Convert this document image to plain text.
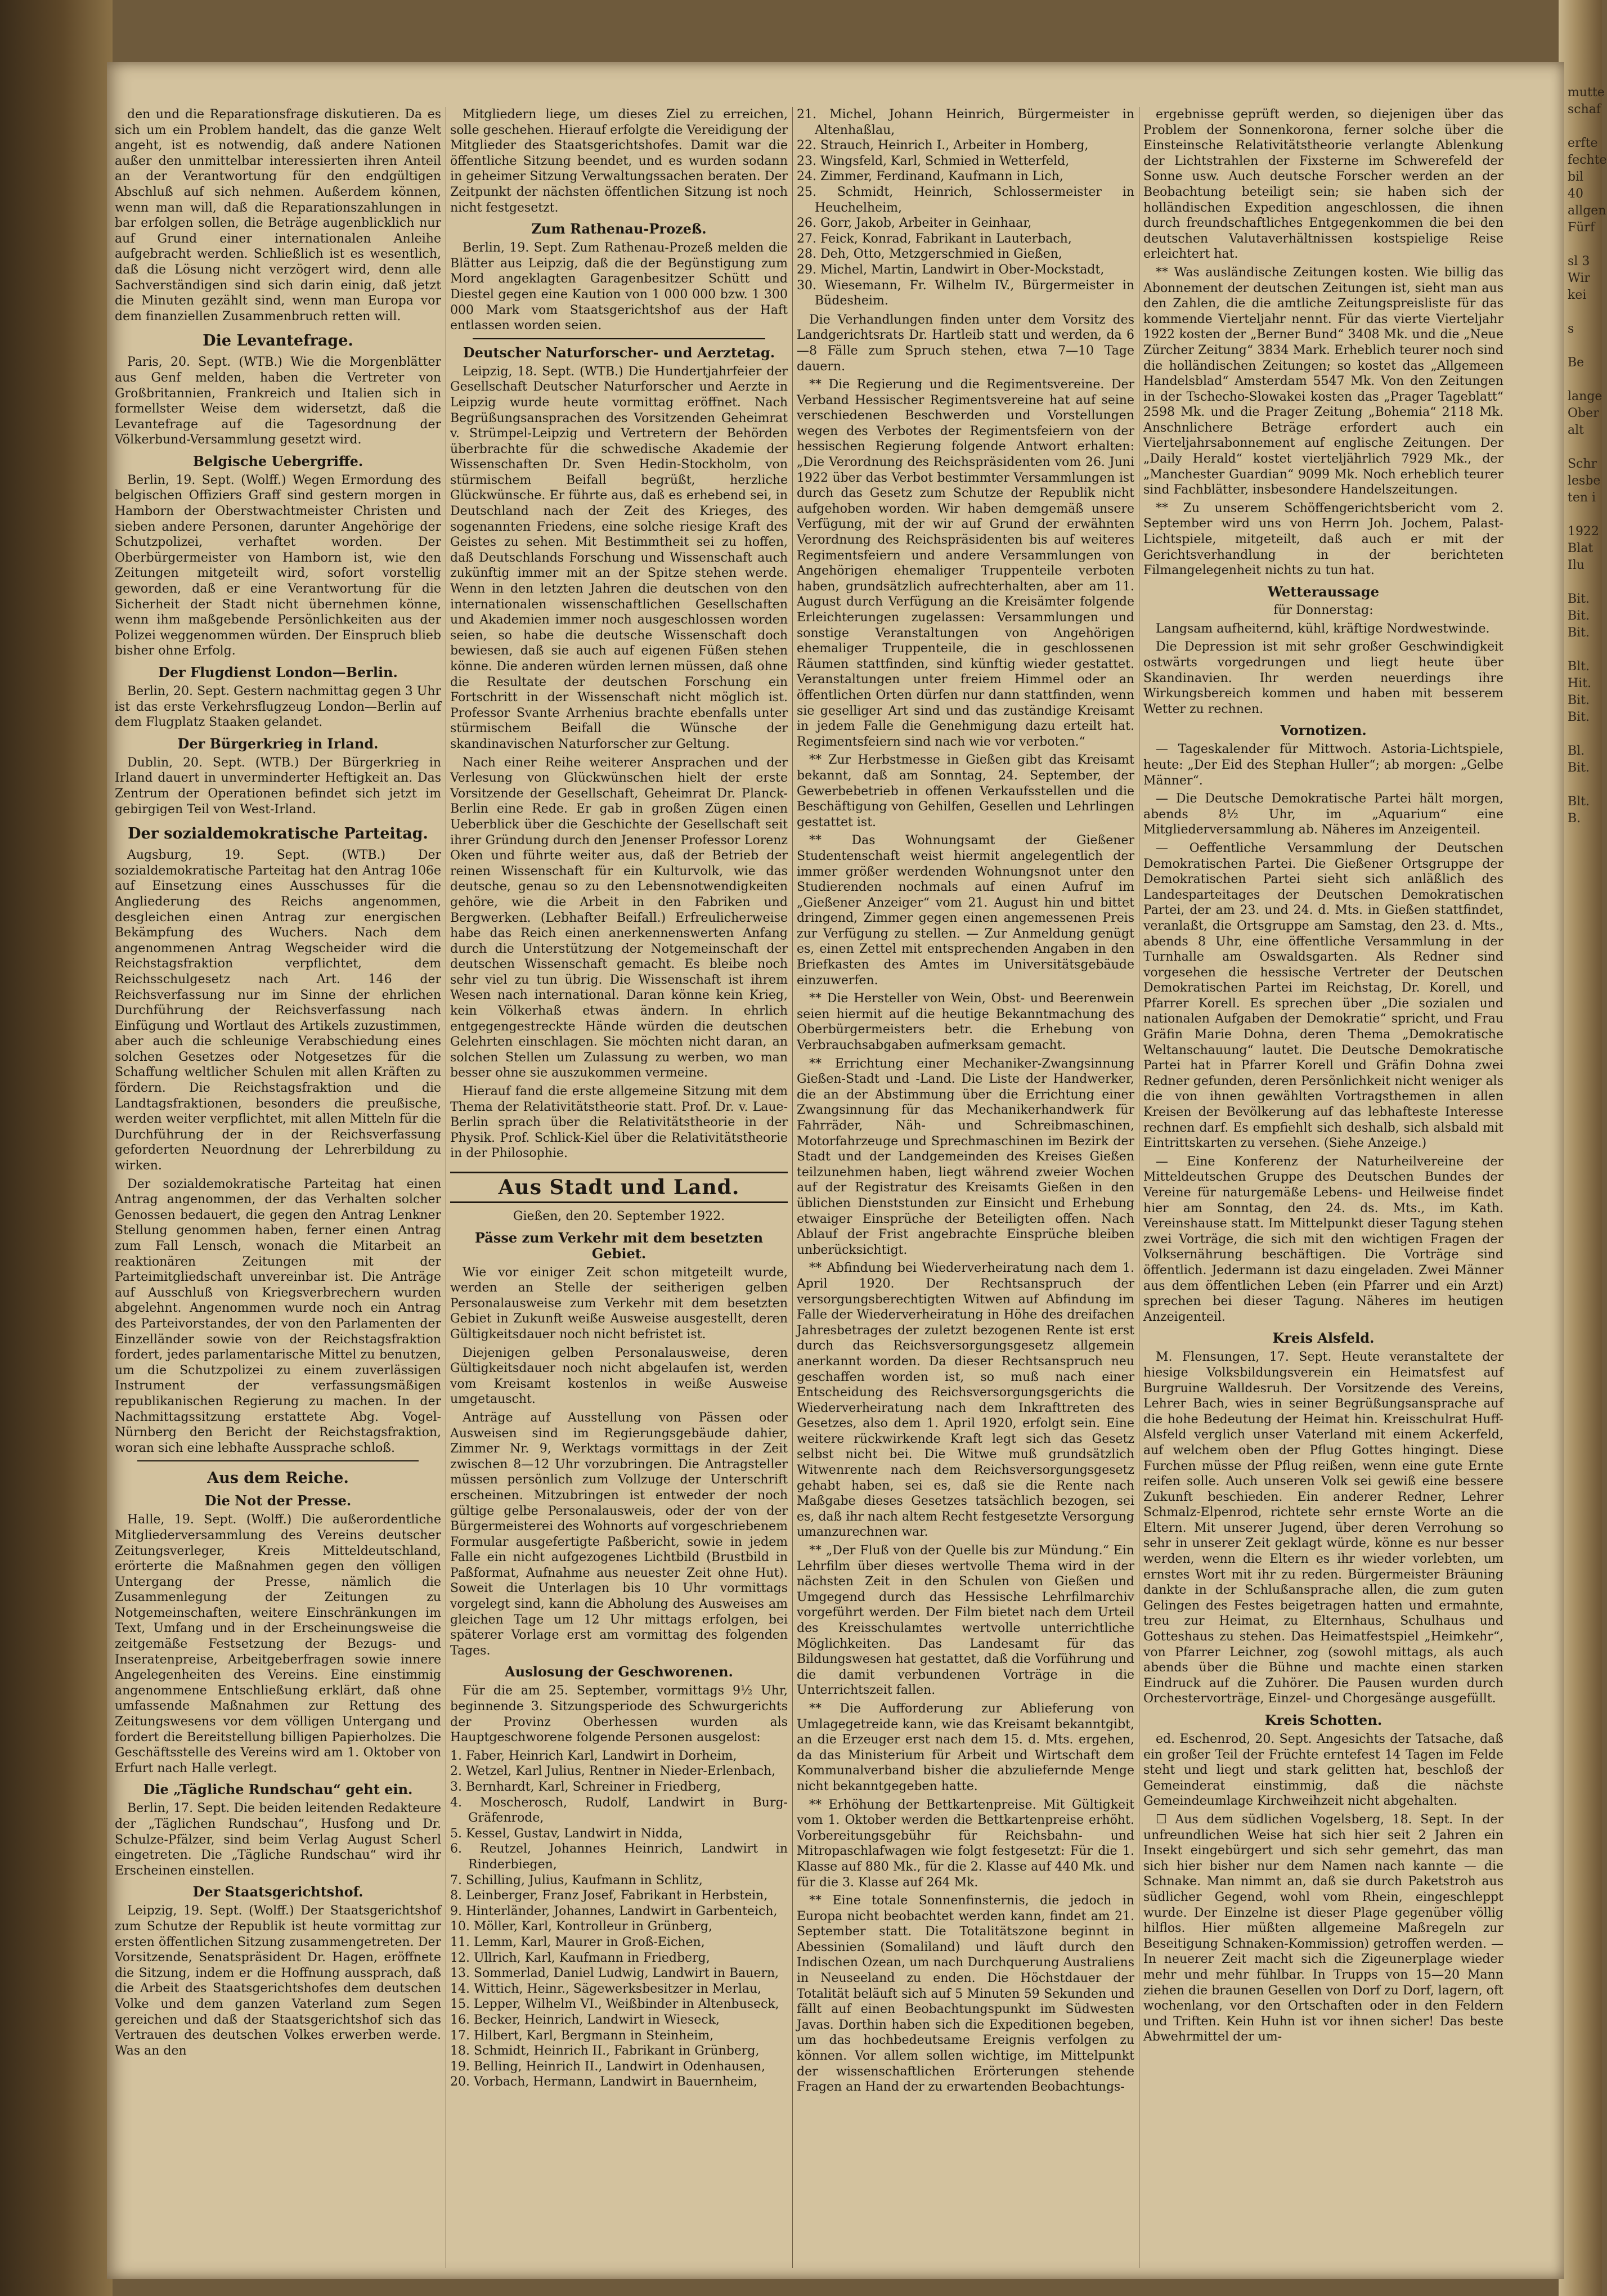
mutte
schaf

erfte
fechte
bil 40
allgen
Fürf

sl 3
Wir
kei

s

Be

lange
Ober
alt

Schr
lesbe
ten i

1922
Blat
Ilu

Bit.
Bit.
Bit.

Blt.
Hit.
Bit.
Bit.

Bl.
Bit.

Blt.
B.

den und die Reparationsfrage diskutieren. Da es sich um ein Problem handelt, das die ganze Welt angeht, ist es notwendig, daß andere Nationen außer den unmittelbar interessierten ihren Anteil an der Verantwortung für den endgültigen Abschluß auf sich nehmen. Außerdem können, wenn man will, daß die Reparationszahlungen in bar erfolgen sollen, die Beträge augenblicklich nur auf Grund einer internationalen Anleihe aufgebracht werden. Schließlich ist es wesentlich, daß die Lösung nicht verzögert wird, denn alle Sachverständigen sind sich darin einig, daß jetzt die Minuten gezählt sind, wenn man Europa vor dem finanziellen Zusammenbruch retten will.

Die Levantefrage.

Paris, 20. Sept. (WTB.) Wie die Morgenblätter aus Genf melden, haben die Vertreter von Großbritannien, Frankreich und Italien sich in formellster Weise dem widersetzt, daß die Levantefrage auf die Tagesordnung der Völkerbund-Versammlung gesetzt wird.

Belgische Uebergriffe.

Berlin, 19. Sept. (Wolff.) Wegen Ermordung des belgischen Offiziers Graff sind gestern morgen in Hamborn der Oberstwachtmeister Christen und sieben andere Personen, darunter Angehörige der Schutzpolizei, verhaftet worden. Der Oberbürgermeister von Hamborn ist, wie den Zeitungen mitgeteilt wird, sofort vorstellig geworden, daß er eine Verantwortung für die Sicherheit der Stadt nicht übernehmen könne, wenn ihm maßgebende Persönlichkeiten aus der Polizei weggenommen würden. Der Einspruch blieb bisher ohne Erfolg.

Der Flugdienst London—Berlin.

Berlin, 20. Sept. Gestern nachmittag gegen 3 Uhr ist das erste Verkehrsflugzeug London—Berlin auf dem Flugplatz Staaken gelandet.

Der Bürgerkrieg in Irland.

Dublin, 20. Sept. (WTB.) Der Bürgerkrieg in Irland dauert in unverminderter Heftigkeit an. Das Zentrum der Operationen befindet sich jetzt im gebirgigen Teil von West-Irland.

Der sozialdemokratische Parteitag.

Augsburg, 19. Sept. (WTB.) Der sozialdemokratische Parteitag hat den Antrag 106e auf Einsetzung eines Ausschusses für die Angliederung des Reichs angenommen, desgleichen einen Antrag zur energischen Bekämpfung des Wuchers. Nach dem angenommenen Antrag Wegscheider wird die Reichstagsfraktion verpflichtet, dem Reichsschulgesetz nach Art. 146 der Reichsverfassung nur im Sinne der ehrlichen Durchführung der Reichsverfassung nach Einfügung und Wortlaut des Artikels zuzustimmen, aber auch die schleunige Verabschiedung eines solchen Gesetzes oder Notgesetzes für die Schaffung weltlicher Schulen mit allen Kräften zu fördern. Die Reichstagsfraktion und die Landtagsfraktionen, besonders die preußische, werden weiter verpflichtet, mit allen Mitteln für die Durchführung der in der Reichsverfassung geforderten Neuordnung der Lehrerbildung zu wirken.

Der sozialdemokratische Parteitag hat einen Antrag angenommen, der das Verhalten solcher Genossen bedauert, die gegen den Antrag Lenkner Stellung genommen haben, ferner einen Antrag zum Fall Lensch, wonach die Mitarbeit an reaktionären Zeitungen mit der Parteimitgliedschaft unvereinbar ist. Die Anträge auf Ausschluß von Kriegsverbrechern wurden abgelehnt. Angenommen wurde noch ein Antrag des Parteivorstandes, der von den Parlamenten der Einzelländer sowie von der Reichstagsfraktion fordert, jedes parlamentarische Mittel zu benutzen, um die Schutzpolizei zu einem zuverlässigen Instrument der verfassungsmäßigen republikanischen Regierung zu machen. In der Nachmittagssitzung erstattete Abg. Vogel-Nürnberg den Bericht der Reichstagsfraktion, woran sich eine lebhafte Aussprache schloß.

Aus dem Reiche.
Die Not der Presse.

Halle, 19. Sept. (Wolff.) Die außerordentliche Mitgliederversammlung des Vereins deutscher Zeitungsverleger, Kreis Mitteldeutschland, erörterte die Maßnahmen gegen den völligen Untergang der Presse, nämlich die Zusammenlegung der Zeitungen zu Notgemeinschaften, weitere Einschränkungen im Text, Umfang und in der Erscheinungsweise die zeitgemäße Festsetzung der Bezugs- und Inseratenpreise, Arbeitgeberfragen sowie innere Angelegenheiten des Vereins. Eine einstimmig angenommene Entschließung erklärt, daß ohne umfassende Maßnahmen zur Rettung des Zeitungswesens vor dem völligen Untergang und fordert die Bereitstellung billigen Papierholzes. Die Geschäftsstelle des Vereins wird am 1. Oktober von Erfurt nach Halle verlegt.

Die „Tägliche Rundschau“ geht ein.

Berlin, 17. Sept. Die beiden leitenden Redakteure der „Täglichen Rundschau“, Husfong und Dr. Schulze-Pfälzer, sind beim Verlag August Scherl eingetreten. Die „Tägliche Rundschau“ wird ihr Erscheinen einstellen.

Der Staatsgerichtshof.

Leipzig, 19. Sept. (Wolff.) Der Staatsgerichtshof zum Schutze der Republik ist heute vormittag zur ersten öffentlichen Sitzung zusammengetreten. Der Vorsitzende, Senatspräsident Dr. Hagen, eröffnete die Sitzung, indem er die Hoffnung aussprach, daß die Arbeit des Staatsgerichtshofes dem deutschen Volke und dem ganzen Vaterland zum Segen gereichen und daß der Staatsgerichtshof sich das Vertrauen des deutschen Volkes erwerben werde. Was an den

Mitgliedern liege, um dieses Ziel zu erreichen, solle geschehen. Hierauf erfolgte die Vereidigung der Mitglieder des Staatsgerichtshofes. Damit war die öffentliche Sitzung beendet, und es wurden sodann in geheimer Sitzung Verwaltungssachen beraten. Der Zeitpunkt der nächsten öffentlichen Sitzung ist noch nicht festgesetzt.

Zum Rathenau-Prozeß.

Berlin, 19. Sept. Zum Rathenau-Prozeß melden die Blätter aus Leipzig, daß die der Begünstigung zum Mord angeklagten Garagenbesitzer Schütt und Diestel gegen eine Kaution von 1 000 000 bzw. 1 300 000 Mark vom Staatsgerichtshof aus der Haft entlassen worden seien.

Deutscher Naturforscher- und Aerztetag.

Leipzig, 18. Sept. (WTB.) Die Hundertjahrfeier der Gesellschaft Deutscher Naturforscher und Aerzte in Leipzig wurde heute vormittag eröffnet. Nach Begrüßungsansprachen des Vorsitzenden Geheimrat v. Strümpel-Leipzig und Vertretern der Behörden überbrachte für die schwedische Akademie der Wissenschaften Dr. Sven Hedin-Stockholm, von stürmischem Beifall begrüßt, herzliche Glückwünsche. Er führte aus, daß es erhebend sei, in Deutschland nach der Zeit des Krieges, des sogenannten Friedens, eine solche riesige Kraft des Geistes zu sehen. Mit Bestimmtheit sei zu hoffen, daß Deutschlands Forschung und Wissenschaft auch zukünftig immer mit an der Spitze stehen werde. Wenn in den letzten Jahren die deutschen von den internationalen wissenschaftlichen Gesellschaften und Akademien immer noch ausgeschlossen worden seien, so habe die deutsche Wissenschaft doch bewiesen, daß sie auch auf eigenen Füßen stehen könne. Die anderen würden lernen müssen, daß ohne die Resultate der deutschen Forschung ein Fortschritt in der Wissenschaft nicht möglich ist. Professor Svante Arrhenius brachte ebenfalls unter stürmischem Beifall die Wünsche der skandinavischen Naturforscher zur Geltung.

Nach einer Reihe weiterer Ansprachen und der Verlesung von Glückwünschen hielt der erste Vorsitzende der Gesellschaft, Geheimrat Dr. Planck-Berlin eine Rede. Er gab in großen Zügen einen Ueberblick über die Geschichte der Gesellschaft seit ihrer Gründung durch den Jenenser Professor Lorenz Oken und führte weiter aus, daß der Betrieb der reinen Wissenschaft für ein Kulturvolk, wie das deutsche, genau so zu den Lebensnotwendigkeiten gehöre, wie die Arbeit in den Fabriken und Bergwerken. (Lebhafter Beifall.) Erfreulicherweise habe das Reich einen anerkennenswerten Anfang durch die Unterstützung der Notgemeinschaft der deutschen Wissenschaft gemacht. Es bleibe noch sehr viel zu tun übrig. Die Wissenschaft ist ihrem Wesen nach international. Daran könne kein Krieg, kein Völkerhaß etwas ändern. In ehrlich entgegengestreckte Hände würden die deutschen Gelehrten einschlagen. Sie möchten nicht daran, an solchen Stellen um Zulassung zu werben, wo man besser ohne sie auszukommen vermeine.

Hierauf fand die erste allgemeine Sitzung mit dem Thema der Relativitätstheorie statt. Prof. Dr. v. Laue-Berlin sprach über die Relativitätstheorie in der Physik. Prof. Schlick-Kiel über die Relativitätstheorie in der Philosophie.

Aus Stadt und Land.
Gießen, den 20. September 1922.
Pässe zum Verkehr mit dem besetzten Gebiet.

Wie vor einiger Zeit schon mitgeteilt wurde, werden an Stelle der seitherigen gelben Personalausweise zum Verkehr mit dem besetzten Gebiet in Zukunft weiße Ausweise ausgestellt, deren Gültigkeitsdauer noch nicht befristet ist.

Diejenigen gelben Personalausweise, deren Gültigkeitsdauer noch nicht abgelaufen ist, werden vom Kreisamt kostenlos in weiße Ausweise umgetauscht.

Anträge auf Ausstellung von Pässen oder Ausweisen sind im Regierungsgebäude dahier, Zimmer Nr. 9, Werktags vormittags in der Zeit zwischen 8—12 Uhr vorzubringen. Die Antragsteller müssen persönlich zum Vollzuge der Unterschrift erscheinen. Mitzubringen ist entweder der noch gültige gelbe Personalausweis, oder der von der Bürgermeisterei des Wohnorts auf vorgeschriebenem Formular ausgefertigte Paßbericht, sowie in jedem Falle ein nicht aufgezogenes Lichtbild (Brustbild in Paßformat, Aufnahme aus neuester Zeit ohne Hut). Soweit die Unterlagen bis 10 Uhr vormittags vorgelegt sind, kann die Abholung des Ausweises am gleichen Tage um 12 Uhr mittags erfolgen, bei späterer Vorlage erst am vormittag des folgenden Tages.

Auslosung der Geschworenen.

Für die am 25. September, vormittags 9½ Uhr, beginnende 3. Sitzungsperiode des Schwurgerichts der Provinz Oberhessen wurden als Hauptgeschworene folgende Personen ausgelost:

1. Faber, Heinrich Karl, Landwirt in Dorheim,
2. Wetzel, Karl Julius, Rentner in Nieder-Erlenbach,
3. Bernhardt, Karl, Schreiner in Friedberg,
4. Moscherosch, Rudolf, Landwirt in Burg-Gräfenrode,
5. Kessel, Gustav, Landwirt in Nidda,
6. Reutzel, Johannes Heinrich, Landwirt in Rinderbiegen,
7. Schilling, Julius, Kaufmann in Schlitz,
8. Leinberger, Franz Josef, Fabrikant in Herbstein,
9. Hinterländer, Johannes, Landwirt in Garbenteich,
10. Möller, Karl, Kontrolleur in Grünberg,
11. Lemm, Karl, Maurer in Groß-Eichen,
12. Ullrich, Karl, Kaufmann in Friedberg,
13. Sommerlad, Daniel Ludwig, Landwirt in Bauern,
14. Wittich, Heinr., Sägewerksbesitzer in Merlau,
15. Lepper, Wilhelm VI., Weißbinder in Altenbuseck,
16. Becker, Heinrich, Landwirt in Wieseck,
17. Hilbert, Karl, Bergmann in Steinheim,
18. Schmidt, Heinrich II., Fabrikant in Grünberg,
19. Belling, Heinrich II., Landwirt in Odenhausen,
20. Vorbach, Hermann, Landwirt in Bauernheim,
21. Michel, Johann Heinrich, Bürgermeister in Altenhaßlau,
22. Strauch, Heinrich I., Arbeiter in Homberg,
23. Wingsfeld, Karl, Schmied in Wetterfeld,
24. Zimmer, Ferdinand, Kaufmann in Lich,
25. Schmidt, Heinrich, Schlossermeister in Heuchelheim,
26. Gorr, Jakob, Arbeiter in Geinhaar,
27. Feick, Konrad, Fabrikant in Lauterbach,
28. Deh, Otto, Metzgerschmied in Gießen,
29. Michel, Martin, Landwirt in Ober-Mockstadt,
30. Wiesemann, Fr. Wilhelm IV., Bürgermeister in Büdesheim.

Die Verhandlungen finden unter dem Vorsitz des Landgerichtsrats Dr. Hartleib statt und werden, da 6—8 Fälle zum Spruch stehen, etwa 7—10 Tage dauern.

** Die Regierung und die Regimentsvereine. Der Verband Hessischer Regimentsvereine hat auf seine verschiedenen Beschwerden und Vorstellungen wegen des Verbotes der Regimentsfeiern von der hessischen Regierung folgende Antwort erhalten: „Die Verordnung des Reichspräsidenten vom 26. Juni 1922 über das Verbot bestimmter Versammlungen ist durch das Gesetz zum Schutze der Republik nicht aufgehoben worden. Wir haben demgemäß unsere Verfügung, mit der wir auf Grund der erwähnten Verordnung des Reichspräsidenten bis auf weiteres Regimentsfeiern und andere Versammlungen von Angehörigen ehemaliger Truppenteile verboten haben, grundsätzlich aufrechterhalten, aber am 11. August durch Verfügung an die Kreisämter folgende Erleichterungen zugelassen: Versammlungen und sonstige Veranstaltungen von Angehörigen ehemaliger Truppenteile, die in geschlossenen Räumen stattfinden, sind künftig wieder gestattet. Veranstaltungen unter freiem Himmel oder an öffentlichen Orten dürfen nur dann stattfinden, wenn sie geselliger Art sind und das zuständige Kreisamt in jedem Falle die Genehmigung dazu erteilt hat. Regimentsfeiern sind nach wie vor verboten.“

** Zur Herbstmesse in Gießen gibt das Kreisamt bekannt, daß am Sonntag, 24. September, der Gewerbebetrieb in offenen Verkaufsstellen und die Beschäftigung von Gehilfen, Gesellen und Lehrlingen gestattet ist.

** Das Wohnungsamt der Gießener Studentenschaft weist hiermit angelegentlich der immer größer werdenden Wohnungsnot unter den Studierenden nochmals auf einen Aufruf im „Gießener Anzeiger“ vom 21. August hin und bittet dringend, Zimmer gegen einen angemessenen Preis zur Verfügung zu stellen. — Zur Anmeldung genügt es, einen Zettel mit entsprechenden Angaben in den Briefkasten des Amtes im Universitätsgebäude einzuwerfen.

** Die Hersteller von Wein, Obst- und Beerenwein seien hiermit auf die heutige Bekanntmachung des Oberbürgermeisters betr. die Erhebung von Verbrauchsabgaben aufmerksam gemacht.

** Errichtung einer Mechaniker-Zwangsinnung Gießen-Stadt und -Land. Die Liste der Handwerker, die an der Abstimmung über die Errichtung einer Zwangsinnung für das Mechanikerhandwerk für Fahrräder, Näh- und Schreibmaschinen, Motorfahrzeuge und Sprechmaschinen im Bezirk der Stadt und der Landgemeinden des Kreises Gießen teilzunehmen haben, liegt während zweier Wochen auf der Registratur des Kreisamts Gießen in den üblichen Dienststunden zur Einsicht und Erhebung etwaiger Einsprüche der Beteiligten offen. Nach Ablauf der Frist angebrachte Einsprüche bleiben unberücksichtigt.

** Abfindung bei Wiederverheiratung nach dem 1. April 1920. Der Rechtsanspruch der versorgungsberechtigten Witwen auf Abfindung im Falle der Wiederverheiratung in Höhe des dreifachen Jahresbetrages der zuletzt bezogenen Rente ist erst durch das Reichsversorgungsgesetz allgemein anerkannt worden. Da dieser Rechtsanspruch neu geschaffen worden ist, so muß nach einer Entscheidung des Reichsversorgungsgerichts die Wiederverheiratung nach dem Inkrafttreten des Gesetzes, also dem 1. April 1920, erfolgt sein. Eine weitere rückwirkende Kraft legt sich das Gesetz selbst nicht bei. Die Witwe muß grundsätzlich Witwenrente nach dem Reichsversorgungsgesetz gehabt haben, sei es, daß sie die Rente nach Maßgabe dieses Gesetzes tatsächlich bezogen, sei es, daß ihr nach altem Recht festgesetzte Versorgung umanzurechnen war.

** „Der Fluß von der Quelle bis zur Mündung.“ Ein Lehrfilm über dieses wertvolle Thema wird in der nächsten Zeit in den Schulen von Gießen und Umgegend durch das Hessische Lehrfilmarchiv vorgeführt werden. Der Film bietet nach dem Urteil des Kreisschulamtes wertvolle unterrichtliche Möglichkeiten. Das Landesamt für das Bildungswesen hat gestattet, daß die Vorführung und die damit verbundenen Vorträge in die Unterrichtszeit fallen.

** Die Aufforderung zur Ablieferung von Umlagegetreide kann, wie das Kreisamt bekanntgibt, an die Erzeuger erst nach dem 15. d. Mts. ergehen, da das Ministerium für Arbeit und Wirtschaft dem Kommunalverband bisher die abzuliefernde Menge nicht bekanntgegeben hatte.

** Erhöhung der Bettkartenpreise. Mit Gültigkeit vom 1. Oktober werden die Bettkartenpreise erhöht. Vorbereitungsgebühr für Reichsbahn- und Mitropaschlafwagen wie folgt festgesetzt: Für die 1. Klasse auf 880 Mk., für die 2. Klasse auf 440 Mk. und für die 3. Klasse auf 264 Mk.

** Eine totale Sonnenfinsternis, die jedoch in Europa nicht beobachtet werden kann, findet am 21. September statt. Die Totalitätszone beginnt in Abessinien (Somaliland) und läuft durch den Indischen Ozean, um nach Durchquerung Australiens in Neuseeland zu enden. Die Höchstdauer der Totalität beläuft sich auf 5 Minuten 59 Sekunden und fällt auf einen Beobachtungspunkt im Südwesten Javas. Dorthin haben sich die Expeditionen begeben, um das hochbedeutsame Ereignis verfolgen zu können. Vor allem sollen wichtige, im Mittelpunkt der wissenschaftlichen Erörterungen stehende Fragen an Hand der zu erwartenden Beobachtungs-

ergebnisse geprüft werden, so diejenigen über das Problem der Sonnenkorona, ferner solche über die Einsteinsche Relativitätstheorie verlangte Ablenkung der Lichtstrahlen der Fixsterne im Schwerefeld der Sonne usw. Auch deutsche Forscher werden an der Beobachtung beteiligt sein; sie haben sich der holländischen Expedition angeschlossen, die ihnen durch freundschaftliches Entgegenkommen die bei den deutschen Valutaverhältnissen kostspielige Reise erleichtert hat.

** Was ausländische Zeitungen kosten. Wie billig das Abonnement der deutschen Zeitungen ist, sieht man aus den Zahlen, die die amtliche Zeitungspreisliste für das kommende Vierteljahr nennt. Für das vierte Vierteljahr 1922 kosten der „Berner Bund“ 3408 Mk. und die „Neue Zürcher Zeitung“ 3834 Mark. Erheblich teurer noch sind die holländischen Zeitungen; so kostet das „Allgemeen Handelsblad“ Amsterdam 5547 Mk. Von den Zeitungen in der Tschecho-Slowakei kosten das „Prager Tageblatt“ 2598 Mk. und die Prager Zeitung „Bohemia“ 2118 Mk. Anschnlichere Beträge erfordert auch ein Vierteljahrsabonnement auf englische Zeitungen. Der „Daily Herald“ kostet vierteljährlich 7929 Mk., der „Manchester Guardian“ 9099 Mk. Noch erheblich teurer sind Fachblätter, insbesondere Handelszeitungen.

** Zu unserem Schöffengerichtsbericht vom 2. September wird uns von Herrn Joh. Jochem, Palast-Lichtspiele, mitgeteilt, daß auch er mit der Gerichtsverhandlung in der berichteten Filmangelegenheit nichts zu tun hat.

Wetteraussage
für Donnerstag:

Langsam aufheiternd, kühl, kräftige Nordwestwinde.

Die Depression ist mit sehr großer Geschwindigkeit ostwärts vorgedrungen und liegt heute über Skandinavien. Ihr werden neuerdings ihre Wirkungsbereich kommen und haben mit besserem Wetter zu rechnen.

Vornotizen.

— Tageskalender für Mittwoch. Astoria-Lichtspiele, heute: „Der Eid des Stephan Huller“; ab morgen: „Gelbe Männer“.

— Die Deutsche Demokratische Partei hält morgen, abends 8½ Uhr, im „Aquarium“ eine Mitgliederversammlung ab. Näheres im Anzeigenteil.

— Oeffentliche Versammlung der Deutschen Demokratischen Partei. Die Gießener Ortsgruppe der Demokratischen Partei sieht sich anläßlich des Landesparteitages der Deutschen Demokratischen Partei, der am 23. und 24. d. Mts. in Gießen stattfindet, veranlaßt, die Ortsgruppe am Samstag, den 23. d. Mts., abends 8 Uhr, eine öffentliche Versammlung in der Turnhalle am Oswaldsgarten. Als Redner sind vorgesehen die hessische Vertreter der Deutschen Demokratischen Partei im Reichstag, Dr. Korell, und Pfarrer Korell. Es sprechen über „Die sozialen und nationalen Aufgaben der Demokratie“ spricht, und Frau Gräfin Marie Dohna, deren Thema „Demokratische Weltanschauung“ lautet. Die Deutsche Demokratische Partei hat in Pfarrer Korell und Gräfin Dohna zwei Redner gefunden, deren Persönlichkeit nicht weniger als die von ihnen gewählten Vortragsthemen in allen Kreisen der Bevölkerung auf das lebhafteste Interesse rechnen darf. Es empfiehlt sich deshalb, sich alsbald mit Eintrittskarten zu versehen. (Siehe Anzeige.)

— Eine Konferenz der Naturheilvereine der Mitteldeutschen Gruppe des Deutschen Bundes der Vereine für naturgemäße Lebens- und Heilweise findet hier am Sonntag, den 24. ds. Mts., im Kath. Vereinshause statt. Im Mittelpunkt dieser Tagung stehen zwei Vorträge, die sich mit den wichtigen Fragen der Volksernährung beschäftigen. Die Vorträge sind öffentlich. Jedermann ist dazu eingeladen. Zwei Männer aus dem öffentlichen Leben (ein Pfarrer und ein Arzt) sprechen bei dieser Tagung. Näheres im heutigen Anzeigenteil.

Kreis Alsfeld.

M. Flensungen, 17. Sept. Heute veranstaltete der hiesige Volksbildungsverein ein Heimatsfest auf Burgruine Walldesruh. Der Vorsitzende des Vereins, Lehrer Bach, wies in seiner Begrüßungsansprache auf die hohe Bedeutung der Heimat hin. Kreisschulrat Huff-Alsfeld verglich unser Vaterland mit einem Ackerfeld, auf welchem oben der Pflug Gottes hingingt. Diese Furchen müsse der Pflug reißen, wenn eine gute Ernte reifen solle. Auch unseren Volk sei gewiß eine bessere Zukunft beschieden. Ein anderer Redner, Lehrer Schmalz-Elpenrod, richtete sehr ernste Worte an die Eltern. Mit unserer Jugend, über deren Verrohung so sehr in unserer Zeit geklagt würde, könne es nur besser werden, wenn die Eltern es ihr wieder vorlebten, um ernstes Wort mit ihr zu reden. Bürgermeister Bräuning dankte in der Schlußansprache allen, die zum guten Gelingen des Festes beigetragen hatten und ermahnte, treu zur Heimat, zu Elternhaus, Schulhaus und Gotteshaus zu stehen. Das Heimatfestspiel „Heimkehr“, von Pfarrer Leichner, zog (sowohl mittags, als auch abends über die Bühne und machte einen starken Eindruck auf die Zuhörer. Die Pausen wurden durch Orchestervorträge, Einzel- und Chorgesänge ausgefüllt.

Kreis Schotten.

ed. Eschenrod, 20. Sept. Angesichts der Tatsache, daß ein großer Teil der Früchte erntefest 14 Tagen im Felde steht und liegt und stark gelitten hat, beschloß der Gemeinderat einstimmig, daß die nächste Gemeindeumlage Kirchweihzeit nicht abgehalten.

☐ Aus dem südlichen Vogelsberg, 18. Sept. In der unfreundlichen Weise hat sich hier seit 2 Jahren ein Insekt eingebürgert und sich sehr gemehrt, das man sich hier bisher nur dem Namen nach kannte — die Schnake. Man nimmt an, daß sie durch Paketstroh aus südlicher Gegend, wohl vom Rhein, eingeschleppt wurde. Der Einzelne ist dieser Plage gegenüber völlig hilflos. Hier müßten allgemeine Maßregeln zur Beseitigung Schnaken-Kommission) getroffen werden. — In neuerer Zeit macht sich die Zigeunerplage wieder mehr und mehr fühlbar. In Trupps von 15—20 Mann ziehen die braunen Gesellen von Dorf zu Dorf, lagern, oft wochenlang, vor den Ortschaften oder in den Feldern und Triften. Kein Huhn ist vor ihnen sicher! Das beste Abwehrmittel der um-
